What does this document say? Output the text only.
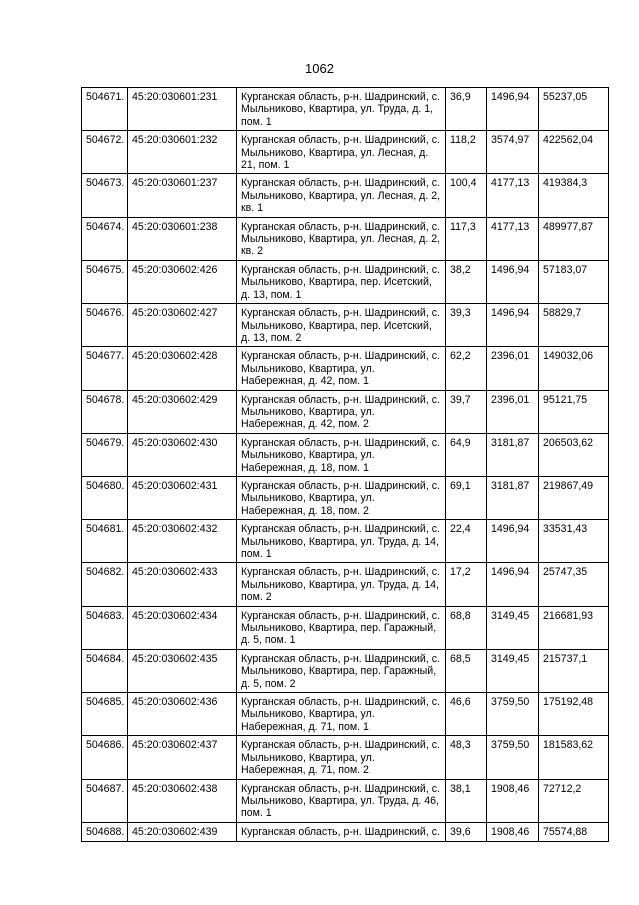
1062
504671.	45:20:030601:231	Курганская область, р-н. Шадринский, с. Мыльниково, Квартира, ул. Труда, д. 1, пом. 1	36,9	1496,94	55237,05
504672.	45:20:030601:232	Курганская область, р-н. Шадринский, с. Мыльниково, Квартира, ул. Лесная, д. 21, пом. 1	118,2	3574,97	422562,04
504673.	45:20:030601:237	Курганская область, р-н. Шадринский, с. Мыльниково, Квартира, ул. Лесная, д. 2, кв. 1	100,4	4177,13	419384,3
504674.	45:20:030601:238	Курганская область, р-н. Шадринский, с. Мыльниково, Квартира, ул. Лесная, д. 2, кв. 2	117,3	4177,13	489977,87
504675.	45:20:030602:426	Курганская область, р-н. Шадринский, с. Мыльниково, Квартира, пер. Исетский, д. 13, пом. 1	38,2	1496,94	57183,07
504676.	45:20:030602:427	Курганская область, р-н. Шадринский, с. Мыльниково, Квартира, пер. Исетский, д. 13, пом. 2	39,3	1496,94	58829,7
504677.	45:20:030602:428	Курганская область, р-н. Шадринский, с. Мыльниково, Квартира, ул. Набережная, д. 42, пом. 1	62,2	2396,01	149032,06
504678.	45:20:030602:429	Курганская область, р-н. Шадринский, с. Мыльниково, Квартира, ул. Набережная, д. 42, пом. 2	39,7	2396,01	95121,75
504679.	45:20:030602:430	Курганская область, р-н. Шадринский, с. Мыльниково, Квартира, ул. Набережная, д. 18, пом. 1	64,9	3181,87	206503,62
504680.	45:20:030602:431	Курганская область, р-н. Шадринский, с. Мыльниково, Квартира, ул. Набережная, д. 18, пом. 2	69,1	3181,87	219867,49
504681.	45:20:030602:432	Курганская область, р-н. Шадринский, с. Мыльниково, Квартира, ул. Труда, д. 14, пом. 1	22,4	1496,94	33531,43
504682.	45:20:030602:433	Курганская область, р-н. Шадринский, с. Мыльниково, Квартира, ул. Труда, д. 14, пом. 2	17,2	1496,94	25747,35
504683.	45:20:030602:434	Курганская область, р-н. Шадринский, с. Мыльниково, Квартира, пер. Гаражный, д. 5, пом. 1	68,8	3149,45	216681,93
504684.	45:20:030602:435	Курганская область, р-н. Шадринский, с. Мыльниково, Квартира, пер. Гаражный, д. 5, пом. 2	68,5	3149,45	215737,1
504685.	45:20:030602:436	Курганская область, р-н. Шадринский, с. Мыльниково, Квартира, ул. Набережная, д. 71, пом. 1	46,6	3759,50	175192,48
504686.	45:20:030602:437	Курганская область, р-н. Шадринский, с. Мыльниково, Квартира, ул. Набережная, д. 71, пом. 2	48,3	3759,50	181583,62
504687.	45:20:030602:438	Курганская область, р-н. Шадринский, с. Мыльниково, Квартира, ул. Труда, д. 46, пом. 1	38,1	1908,46	72712,2
504688.	45:20:030602:439	Курганская область, р-н. Шадринский, с.	39,6	1908,46	75574,88
